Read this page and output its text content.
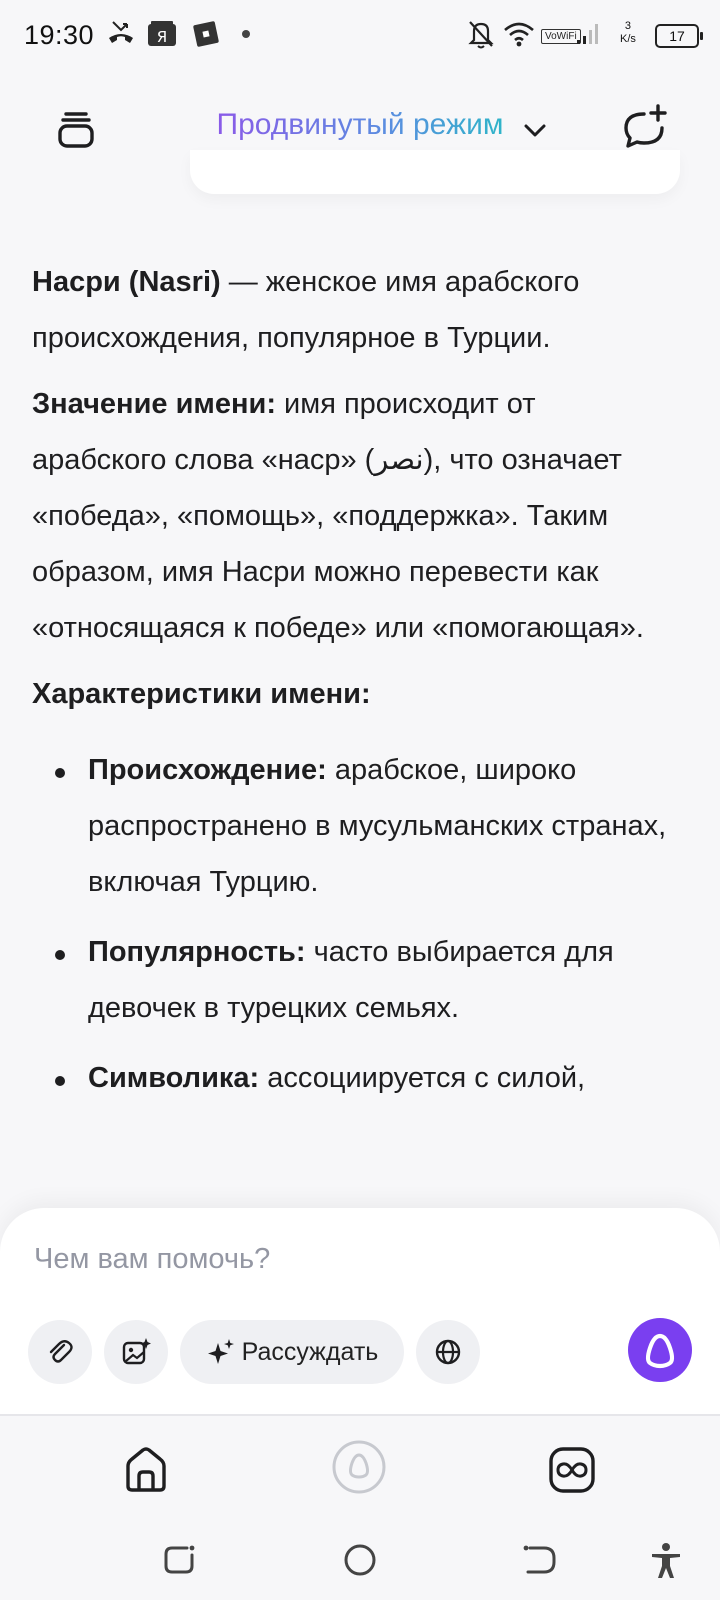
19:30	Я	VoWiFi
3
K/s	17
Продвинутый режим

Насри (Nasri) — женское имя арабского происхождения, популярное в Турции.

Значение имени: имя происходит от арабского слова «наср» (نصر), что означает «победа», «помощь», «поддержка». Таким образом, имя Насри можно перевести как «относящаяся к победе» или «помогающая».

Характеристики имени:

Происхождение: арабское, широко распространено в мусульманских странах, включая Турцию.
Популярность: часто выбирается для девочек в турецких семьях.
Символика: ассоциируется с силой,
Чем вам помочь?
Рассуждать
